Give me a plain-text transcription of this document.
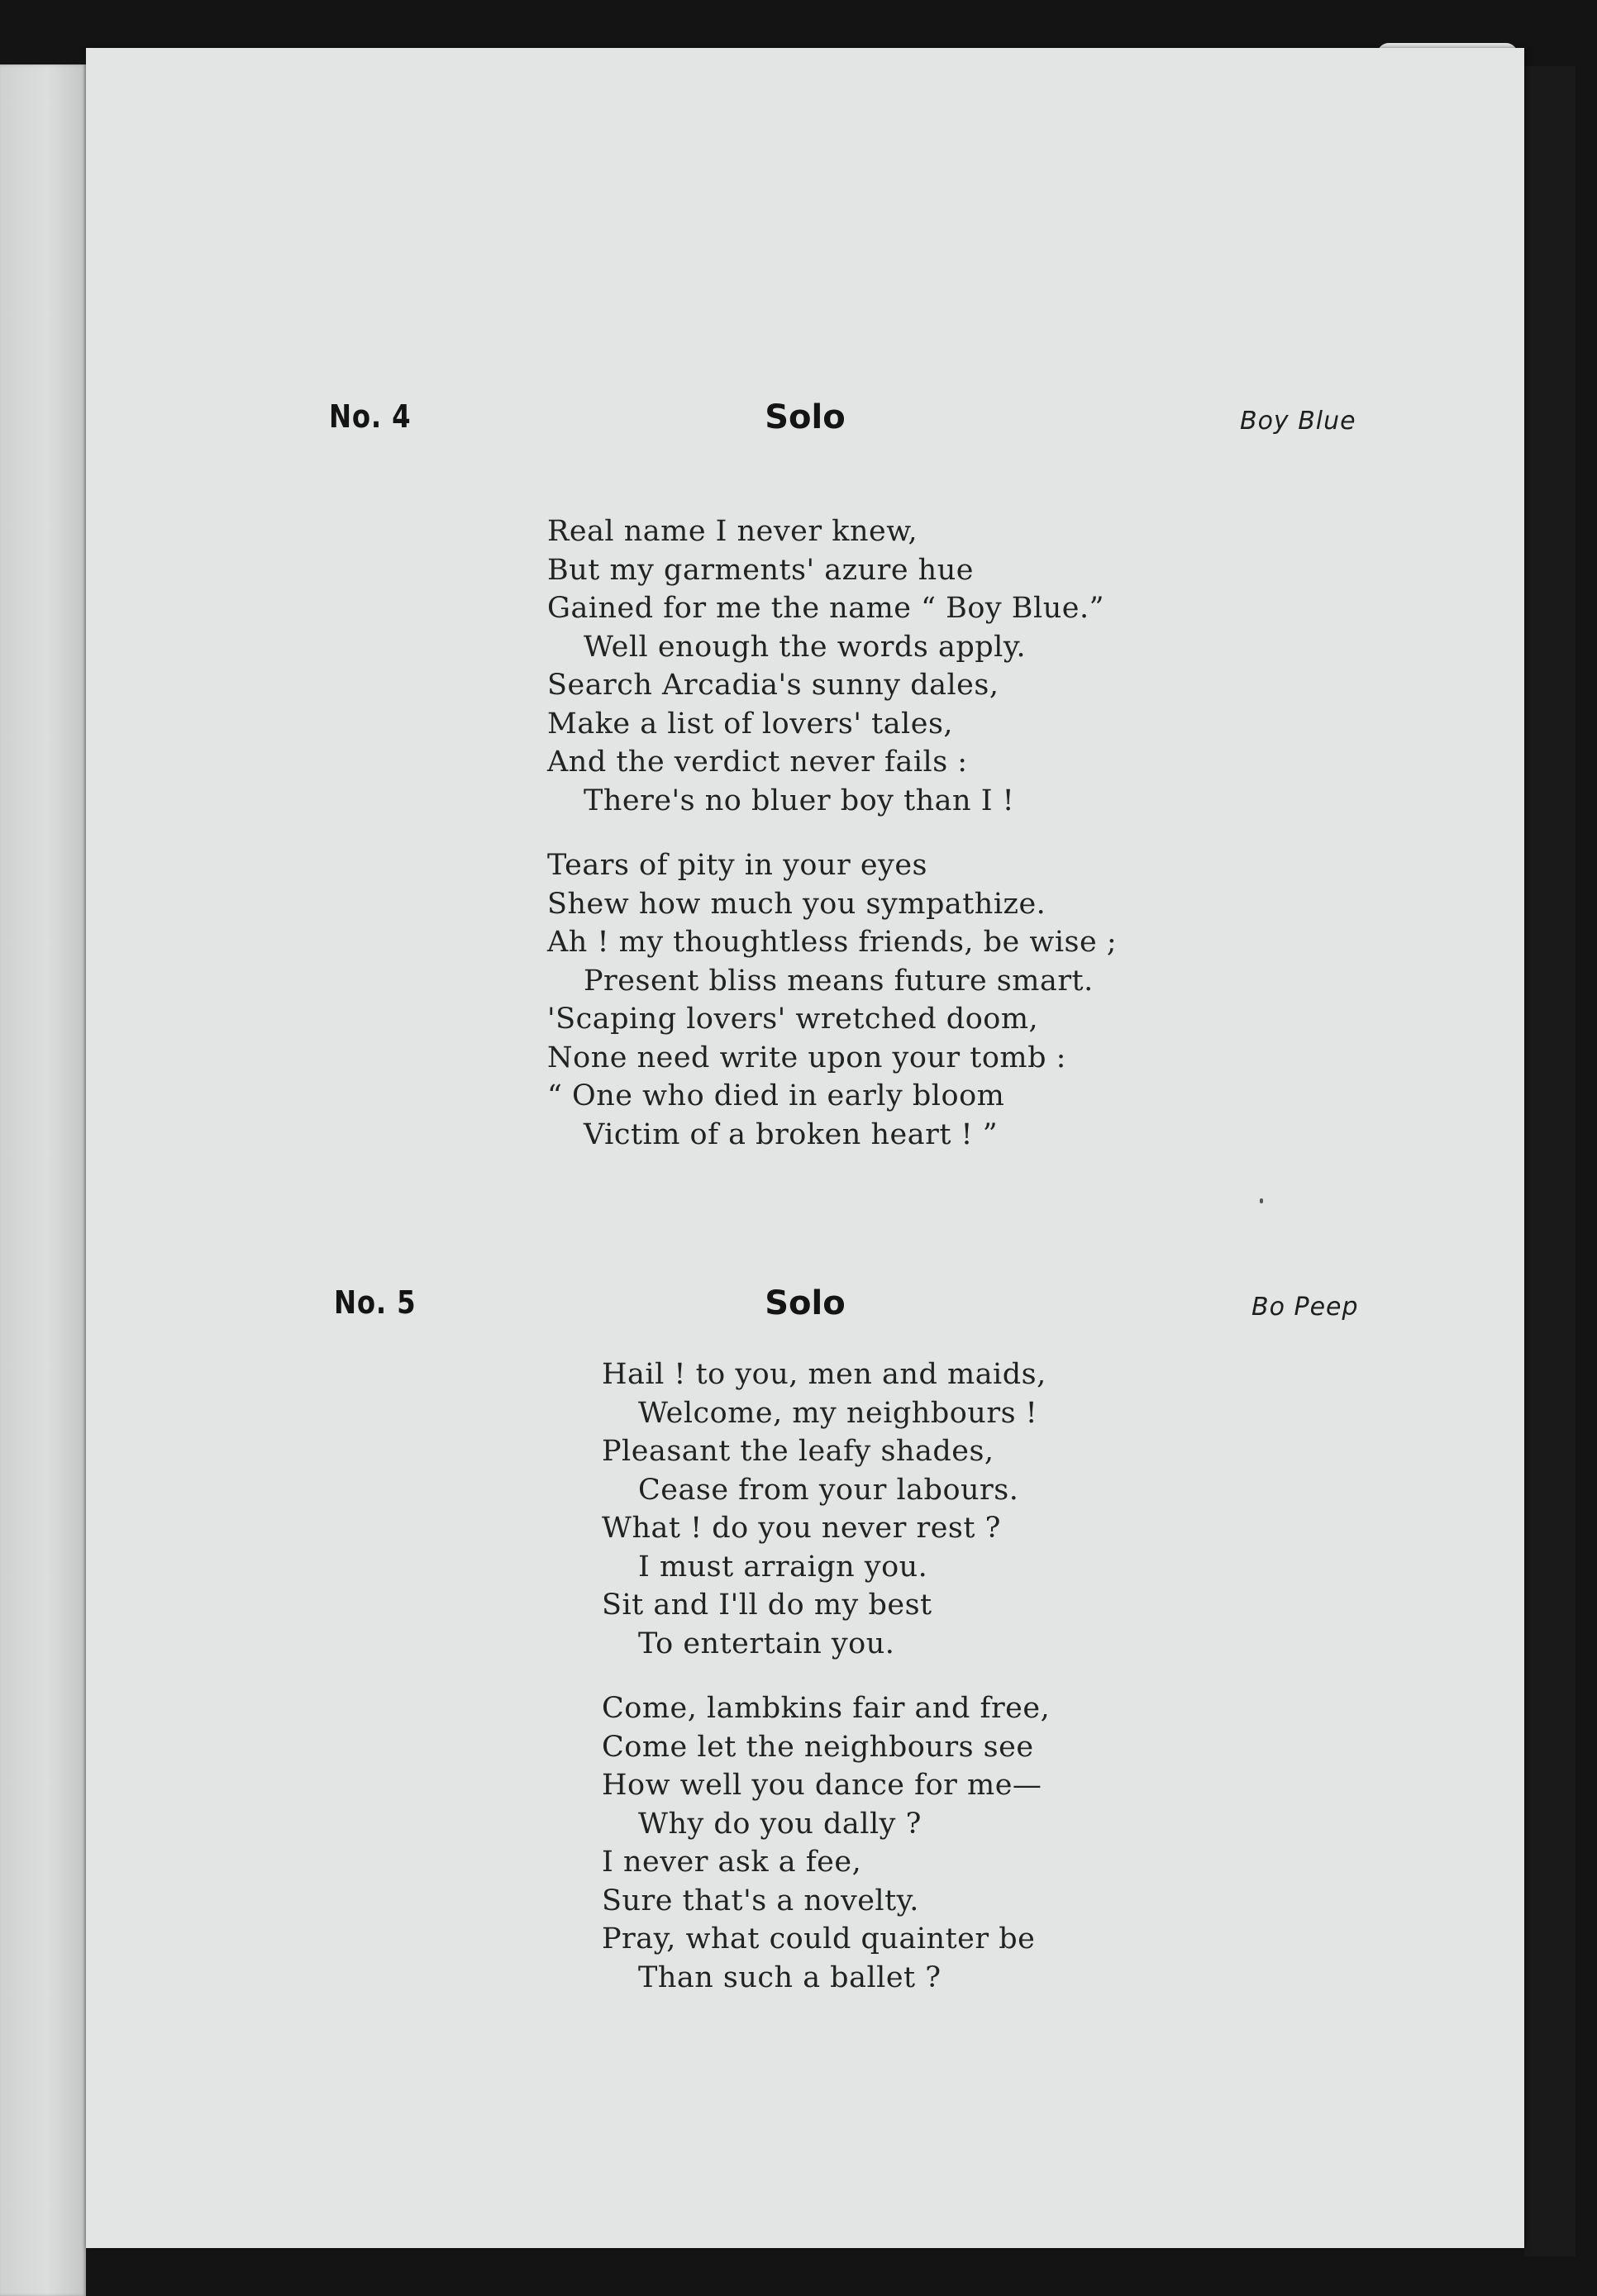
No. 4	Solo	Boy Blue
Real name I never knew,
But my garments' azure hue
Gained for me the name “ Boy Blue.”
Well enough the words apply.
Search Arcadia's sunny dales,
Make a list of lovers' tales,
And the verdict never fails :
There's no bluer boy than I !
Tears of pity in your eyes
Shew how much you sympathize.
Ah ! my thoughtless friends, be wise ;
Present bliss means future smart.
'Scaping lovers' wretched doom,
None need write upon your tomb :
“ One who died in early bloom
Victim of a broken heart ! ”
No. 5	Solo	Bo Peep
Hail ! to you, men and maids,
Welcome, my neighbours !
Pleasant the leafy shades,
Cease from your labours.
What ! do you never rest ?
I must arraign you.
Sit and I'll do my best
To entertain you.
Come, lambkins fair and free,
Come let the neighbours see
How well you dance for me—
Why do you dally ?
I never ask a fee,
Sure that's a novelty.
Pray, what could quainter be
Than such a ballet ?
